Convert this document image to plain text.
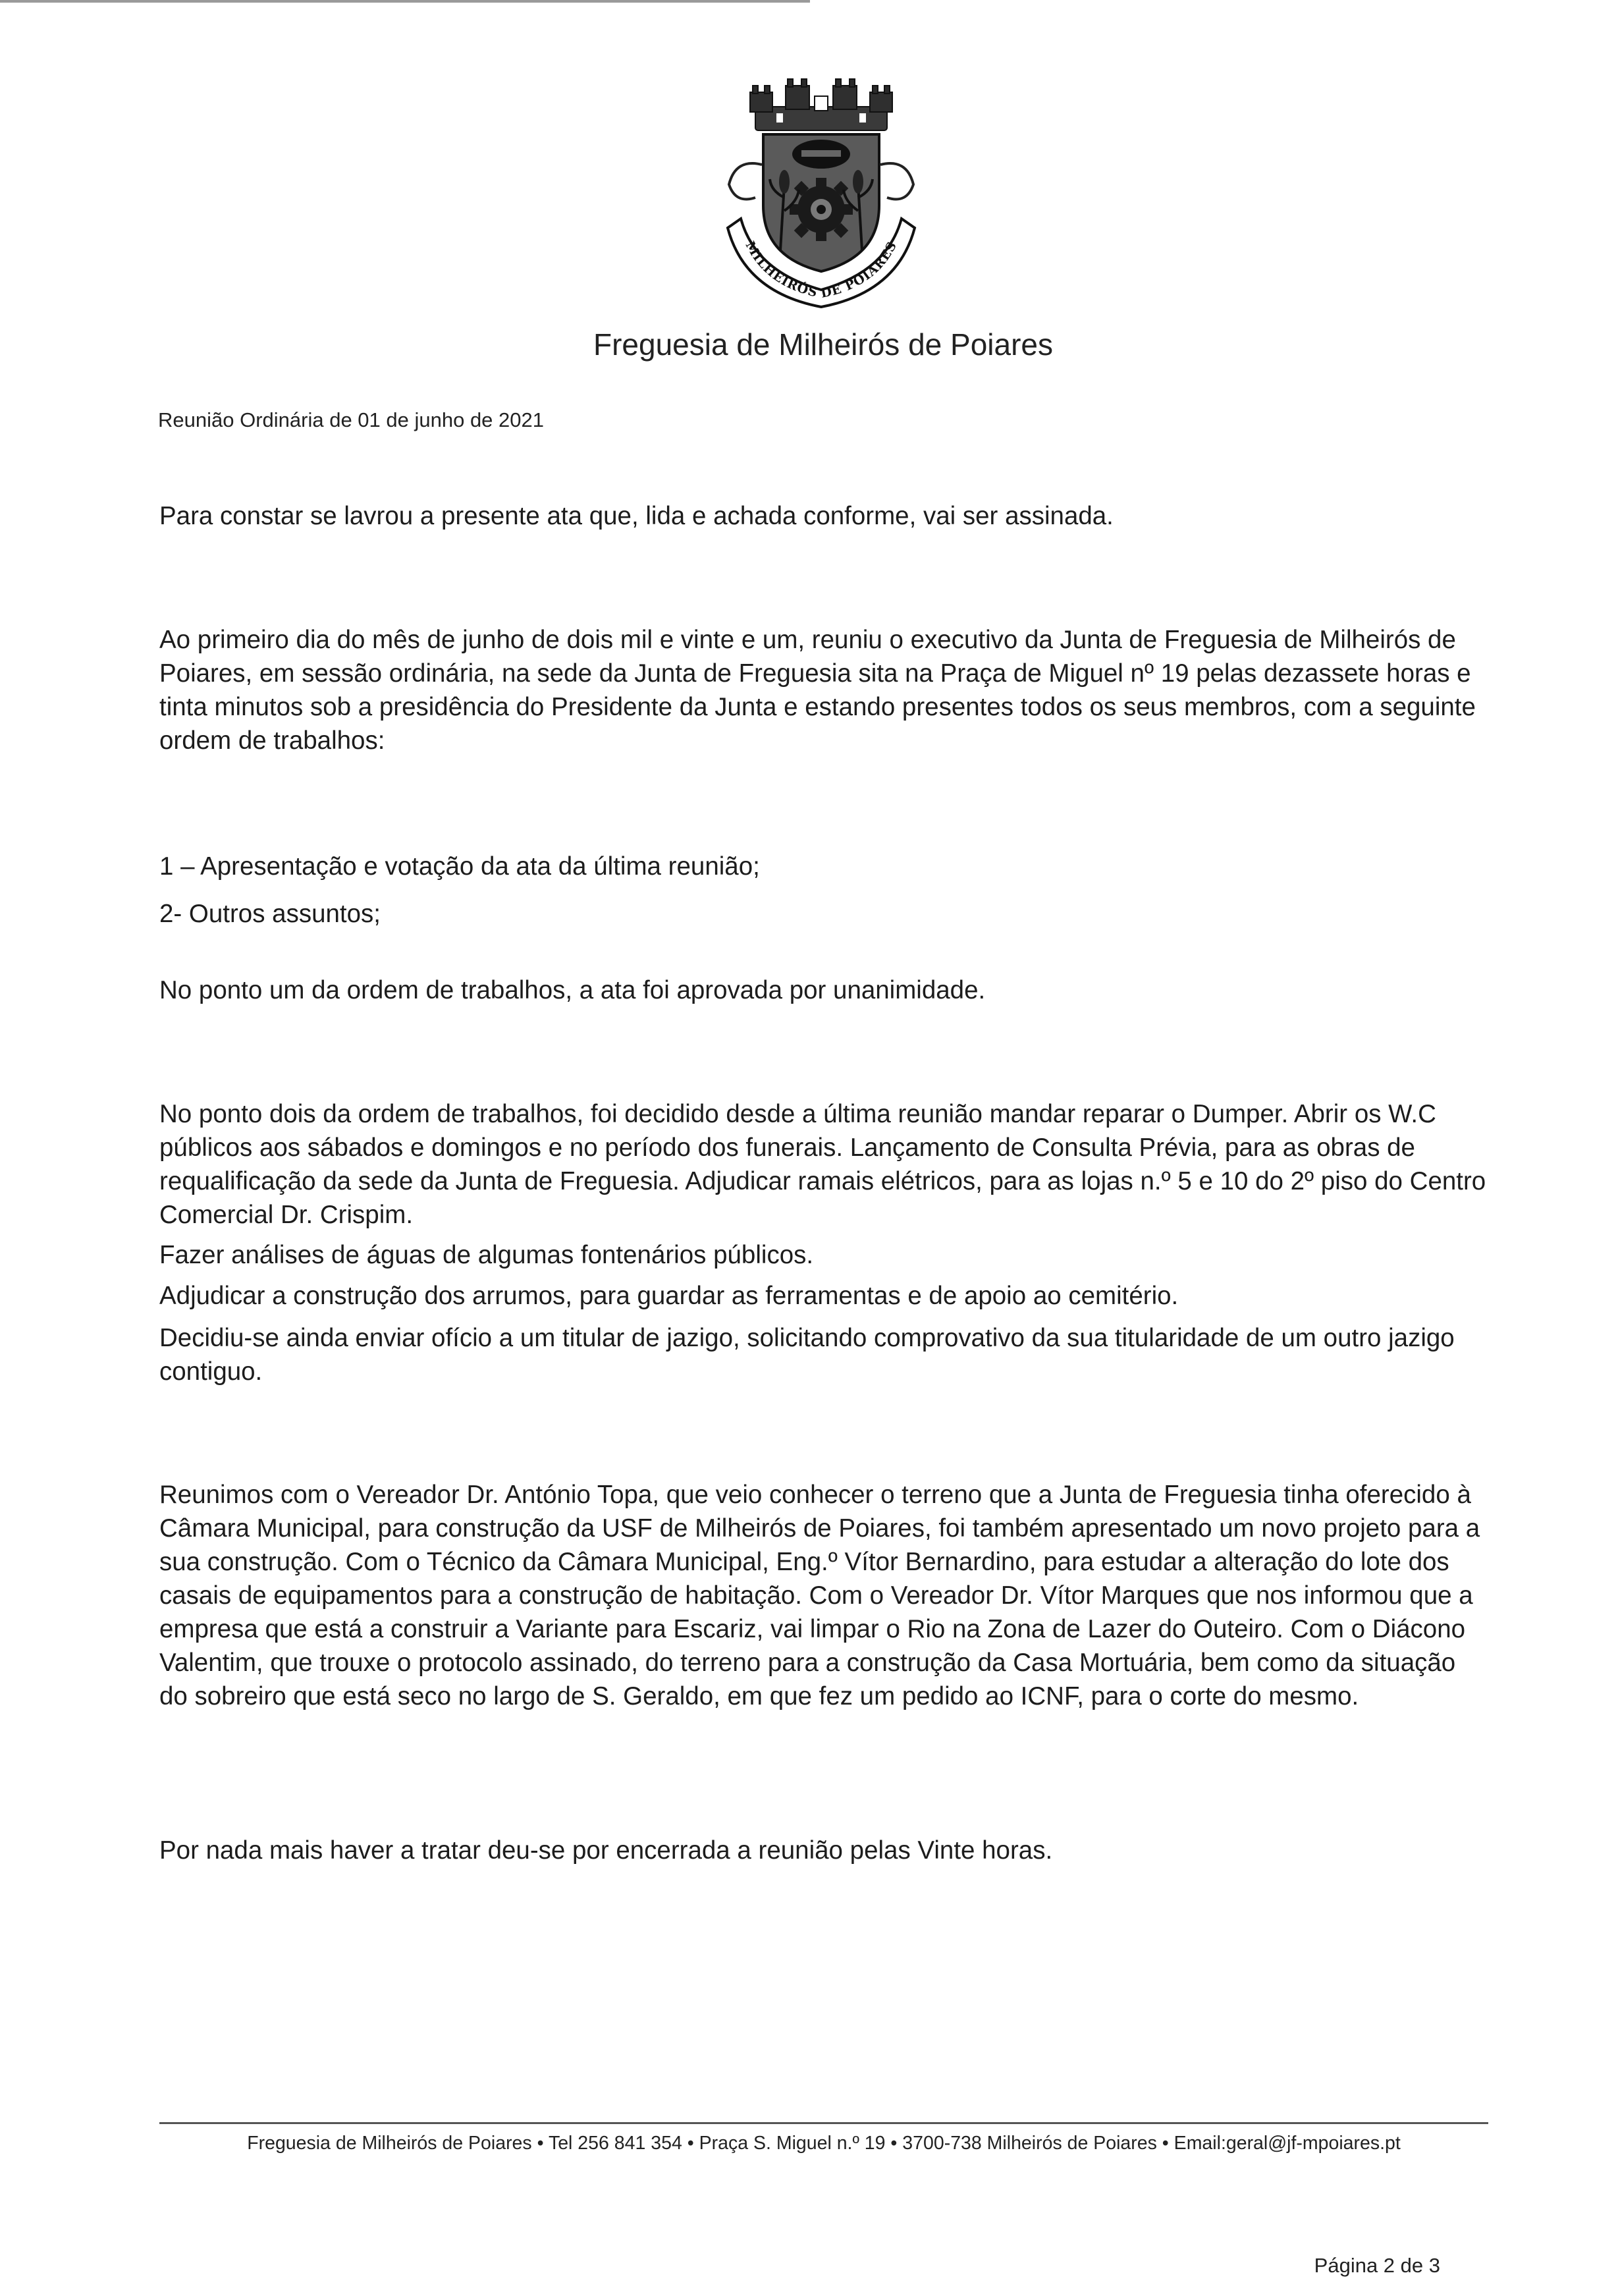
MILHEIRÓS DE POIARES
Freguesia de Milheirós de Poiares
Reunião Ordinária de 01 de junho de 2021

Para constar se lavrou a presente ata que, lida e achada conforme, vai ser assinada.

Ao primeiro dia do mês de junho de dois mil e vinte e um, reuniu o executivo da Junta de Freguesia de Milheirós de Poiares, em sessão ordinária, na sede da Junta de Freguesia sita na Praça de Miguel nº 19 pelas dezassete horas e tinta minutos sob a presidência do Presidente da Junta e estando presentes todos os seus membros, com a seguinte ordem de trabalhos:

1 – Apresentação e votação da ata da última reunião;

2- Outros assuntos;

No ponto um da ordem de trabalhos, a ata foi aprovada por unanimidade.

No ponto dois da ordem de trabalhos, foi decidido desde a última reunião mandar reparar o Dumper. Abrir os W.C públicos aos sábados e domingos e no período dos funerais. Lançamento de Consulta Prévia, para as obras de requalificação da sede da Junta de Freguesia. Adjudicar ramais elétricos, para as lojas n.º 5 e 10 do 2º piso do Centro Comercial Dr. Crispim.

Fazer análises de águas de algumas fontenários públicos.

Adjudicar a construção dos arrumos, para guardar as ferramentas e de apoio ao cemitério.

Decidiu-se ainda enviar ofício a um titular de jazigo, solicitando comprovativo da sua titularidade de um outro jazigo contiguo.

Reunimos com o Vereador Dr. António Topa, que veio conhecer o terreno que a Junta de Freguesia tinha oferecido à Câmara Municipal, para construção da USF de Milheirós de Poiares, foi também apresentado um novo projeto para a sua construção. Com o Técnico da Câmara Municipal, Eng.º Vítor Bernardino, para estudar a alteração do lote dos casais de equipamentos para a construção de habitação. Com o Vereador Dr. Vítor Marques que nos informou que a empresa que está a construir a Variante para Escariz, vai limpar o Rio na Zona de Lazer do Outeiro. Com o Diácono Valentim, que trouxe o protocolo assinado, do terreno para a construção da Casa Mortuária, bem como da situação do sobreiro que está seco no largo de S. Geraldo, em que fez um pedido ao ICNF, para o corte do mesmo.

Por nada mais haver a tratar deu-se por encerrada a reunião pelas Vinte horas.

Freguesia de Milheirós de Poiares • Tel 256 841 354 • Praça S. Miguel n.º 19 • 3700-738 Milheirós de Poiares • Email:geral@jf-mpoiares.pt
Página 2 de 3
